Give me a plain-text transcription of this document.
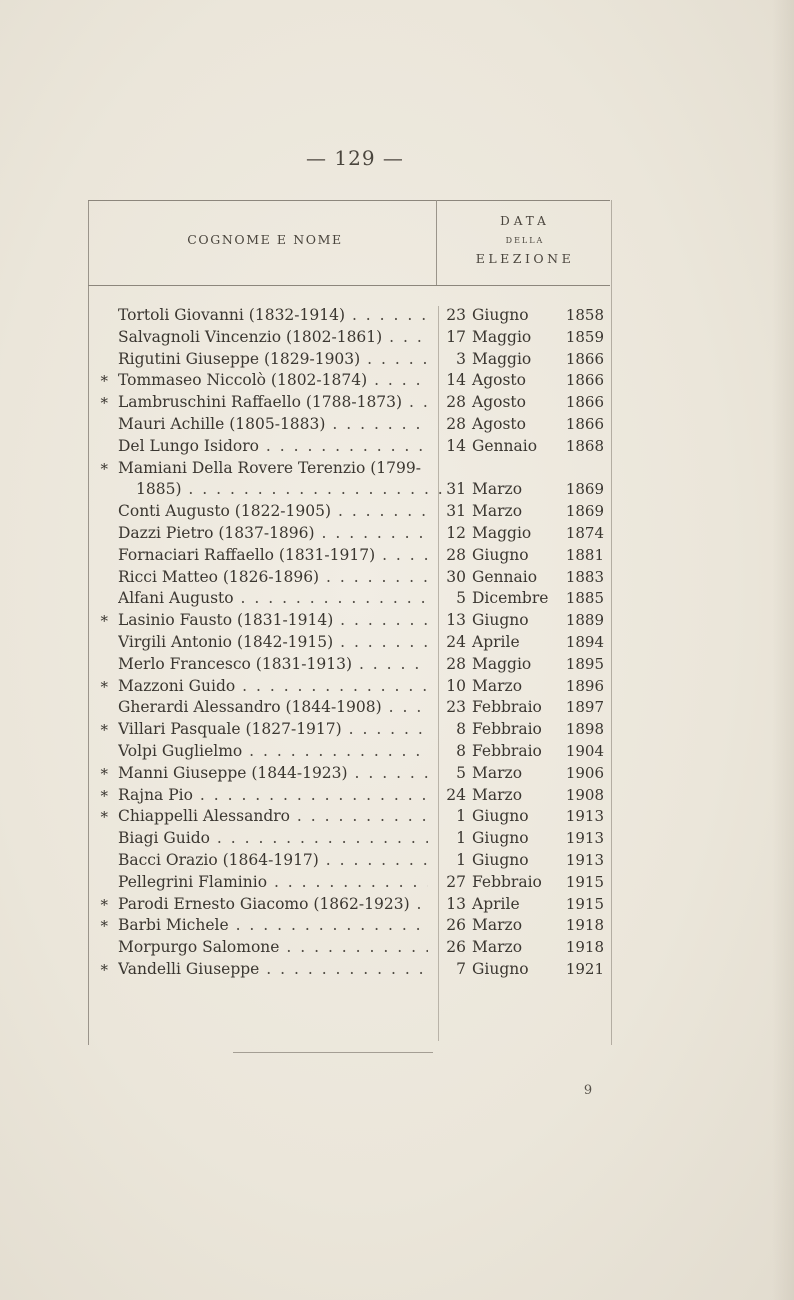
— 129 —
COGNOME E NOME
DATA
DELLA
ELEZIONE
Tortoli Giovanni (1832-1914) . . .	23 Giugno	1858
Salvagnoli Vincenzio (1802-1861) . . .	17 Maggio	1859
Rigutini Giuseppe (1829-1903) . . .	3 Maggio	1866
* Tommaseo Niccolò (1802-1874) . . .	14 Agosto	1866
* Lambruschini Raffaello (1788-1873) . . .	28 Agosto	1866
Mauri Achille (1805-1883) . . .	28 Agosto	1866
Del Lungo Isidoro . . .	14 Gennaio	1868
* Mamiani Della Rovere Terenzio (1799-
1885) . . .	31 Marzo	1869
Conti Augusto (1822-1905) . . .	31 Marzo	1869
Dazzi Pietro (1837-1896) . . .	12 Maggio	1874
Fornaciari Raffaello (1831-1917) . . .	28 Giugno	1881
Ricci Matteo (1826-1896) . . .	30 Gennaio	1883
Alfani Augusto . . .	5 Dicembre	1885
* Lasinio Fausto (1831-1914) . . .	13 Giugno	1889
Virgili Antonio (1842-1915) . . .	24 Aprile	1894
Merlo Francesco (1831-1913) . . .	28 Maggio	1895
* Mazzoni Guido . . .	10 Marzo	1896
Gherardi Alessandro (1844-1908) . . .	23 Febbraio	1897
* Villari Pasquale (1827-1917) . . .	8 Febbraio	1898
Volpi Guglielmo . . .	8 Febbraio	1904
* Manni Giuseppe (1844-1923) . . .	5 Marzo	1906
* Rajna Pio . . .	24 Marzo	1908
* Chiappelli Alessandro . . .	1 Giugno	1913
Biagi Guido . . .	1 Giugno	1913
Bacci Orazio (1864-1917) . . .	1 Giugno	1913
Pellegrini Flaminio . . .	27 Febbraio	1915
* Parodi Ernesto Giacomo (1862-1923) . . .	13 Aprile	1915
* Barbi Michele . . .	26 Marzo	1918
Morpurgo Salomone . . .	26 Marzo	1918
* Vandelli Giuseppe . . .	7 Giugno	1921
9
